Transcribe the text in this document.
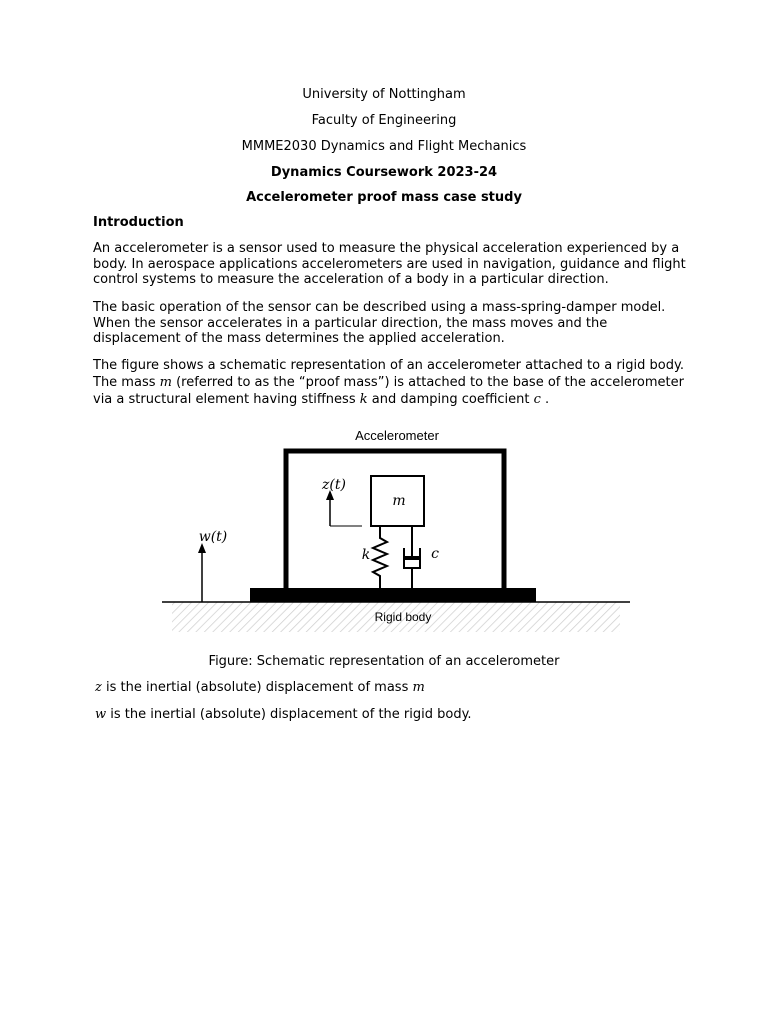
University of Nottingham
Faculty of Engineering
MMME2030 Dynamics and Flight Mechanics
Dynamics Coursework 2023-24
Accelerometer proof mass case study
Introduction
An accelerometer is a sensor used to measure the physical acceleration experienced by a body. In aerospace applications accelerometers are used in navigation, guidance and flight control systems to measure the acceleration of a body in a particular direction.
The basic operation of the sensor can be described using a mass-spring-damper model. When the sensor accelerates in a particular direction, the mass moves and the displacement of the mass determines the applied acceleration.
The figure shows a schematic representation of an accelerometer attached to a rigid body. The mass m (referred to as the “proof mass”) is attached to the base of the accelerometer via a structural element having stiffness k and damping coefficient c .
Accelerometer
m
k	c
z(t)
w(t)
Rigid body
Figure: Schematic representation of an accelerometer
z is the inertial (absolute) displacement of mass m
w is the inertial (absolute) displacement of the rigid body.
